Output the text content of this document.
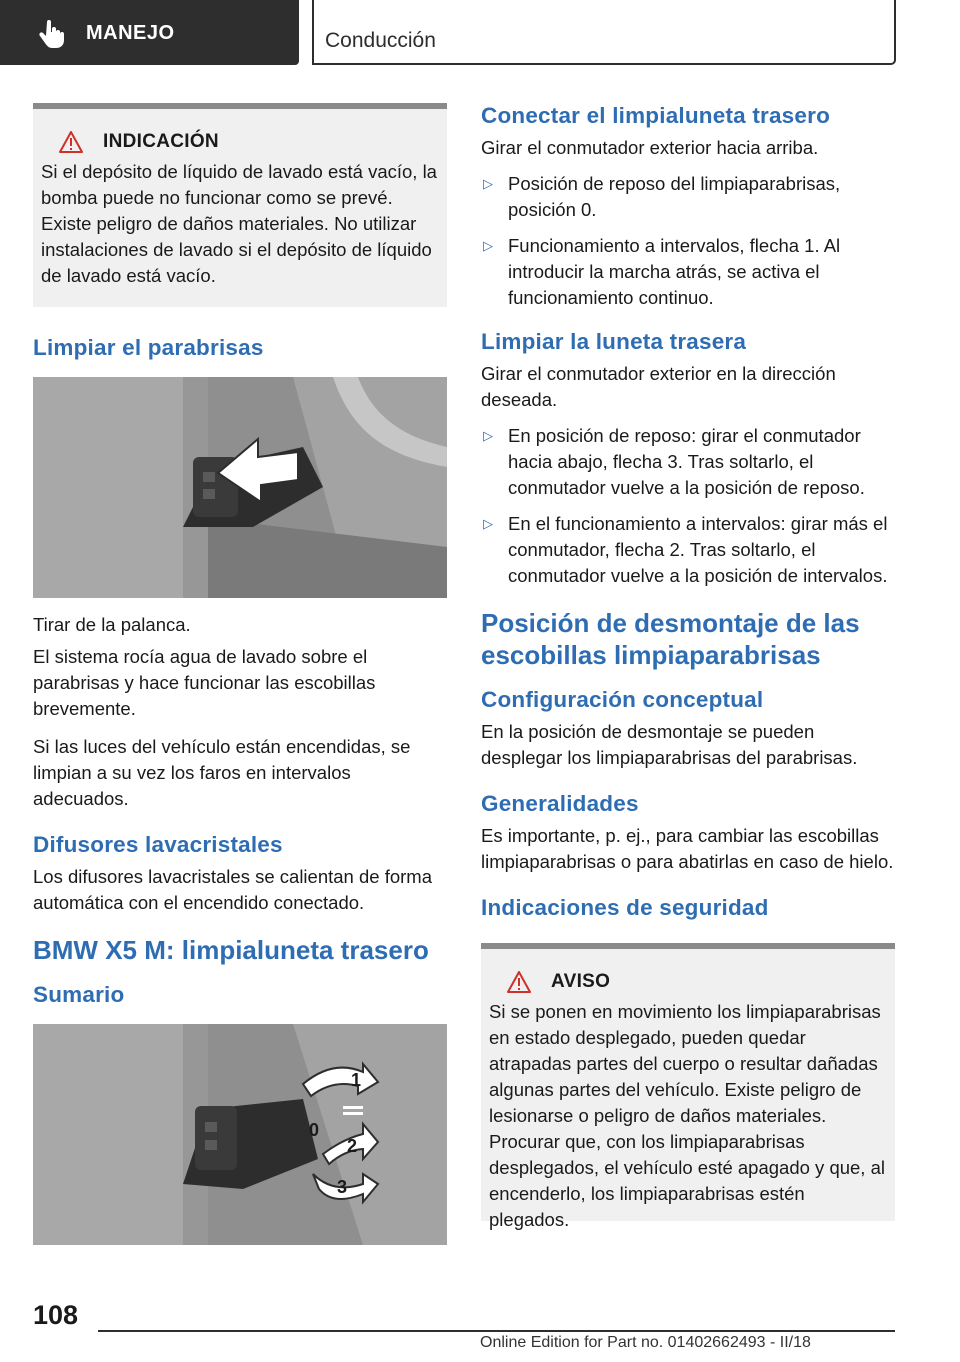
MANEJO	Conducción
INDICACIÓN
Si el depósito de líquido de lavado está vacío, la bomba puede no funcionar como se prevé. Existe peligro de daños materiales. No utilizar instalaciones de lavado si el depósito de líquido de lavado está vacío.
Limpiar el parabrisas
Tirar de la palanca.
El sistema rocía agua de lavado sobre el parabrisas y hace funcionar las escobillas brevemente.
Si las luces del vehículo están encendidas, se limpian a su vez los faros en intervalos adecuados.
Difusores lavacristales
Los difusores lavacristales se calientan de forma automática con el encendido conectado.
BMW X5 M: limpialuneta trasero
Sumario
1
0
2
3
Conectar el limpialuneta trasero
Girar el conmutador exterior hacia arriba.
▷ Posición de reposo del limpiaparabrisas, posición 0.
▷ Funcionamiento a intervalos, flecha 1. Al introducir la marcha atrás, se activa el funcionamiento continuo.
Limpiar la luneta trasera
Girar el conmutador exterior en la dirección deseada.
▷ En posición de reposo: girar el conmutador hacia abajo, flecha 3. Tras soltarlo, el conmutador vuelve a la posición de reposo.
▷ En el funcionamiento a intervalos: girar más el conmutador, flecha 2. Tras soltarlo, el conmutador vuelve a la posición de intervalos.
Posición de desmontaje de las escobillas limpiaparabrisas
Configuración conceptual
En la posición de desmontaje se pueden desplegar los limpiaparabrisas del parabrisas.
Generalidades
Es importante, p. ej., para cambiar las escobillas limpiaparabrisas o para abatirlas en caso de hielo.
Indicaciones de seguridad
AVISO
Si se ponen en movimiento los limpiaparabrisas en estado desplegado, pueden quedar atrapadas partes del cuerpo o resultar dañadas algunas partes del vehículo. Existe peligro de lesionarse o peligro de daños materiales. Procurar que, con los limpiaparabrisas desplegados, el vehículo esté apagado y que, al encenderlo, los limpiaparabrisas estén plegados.
108
Online Edition for Part no. 01402662493 - II/18
